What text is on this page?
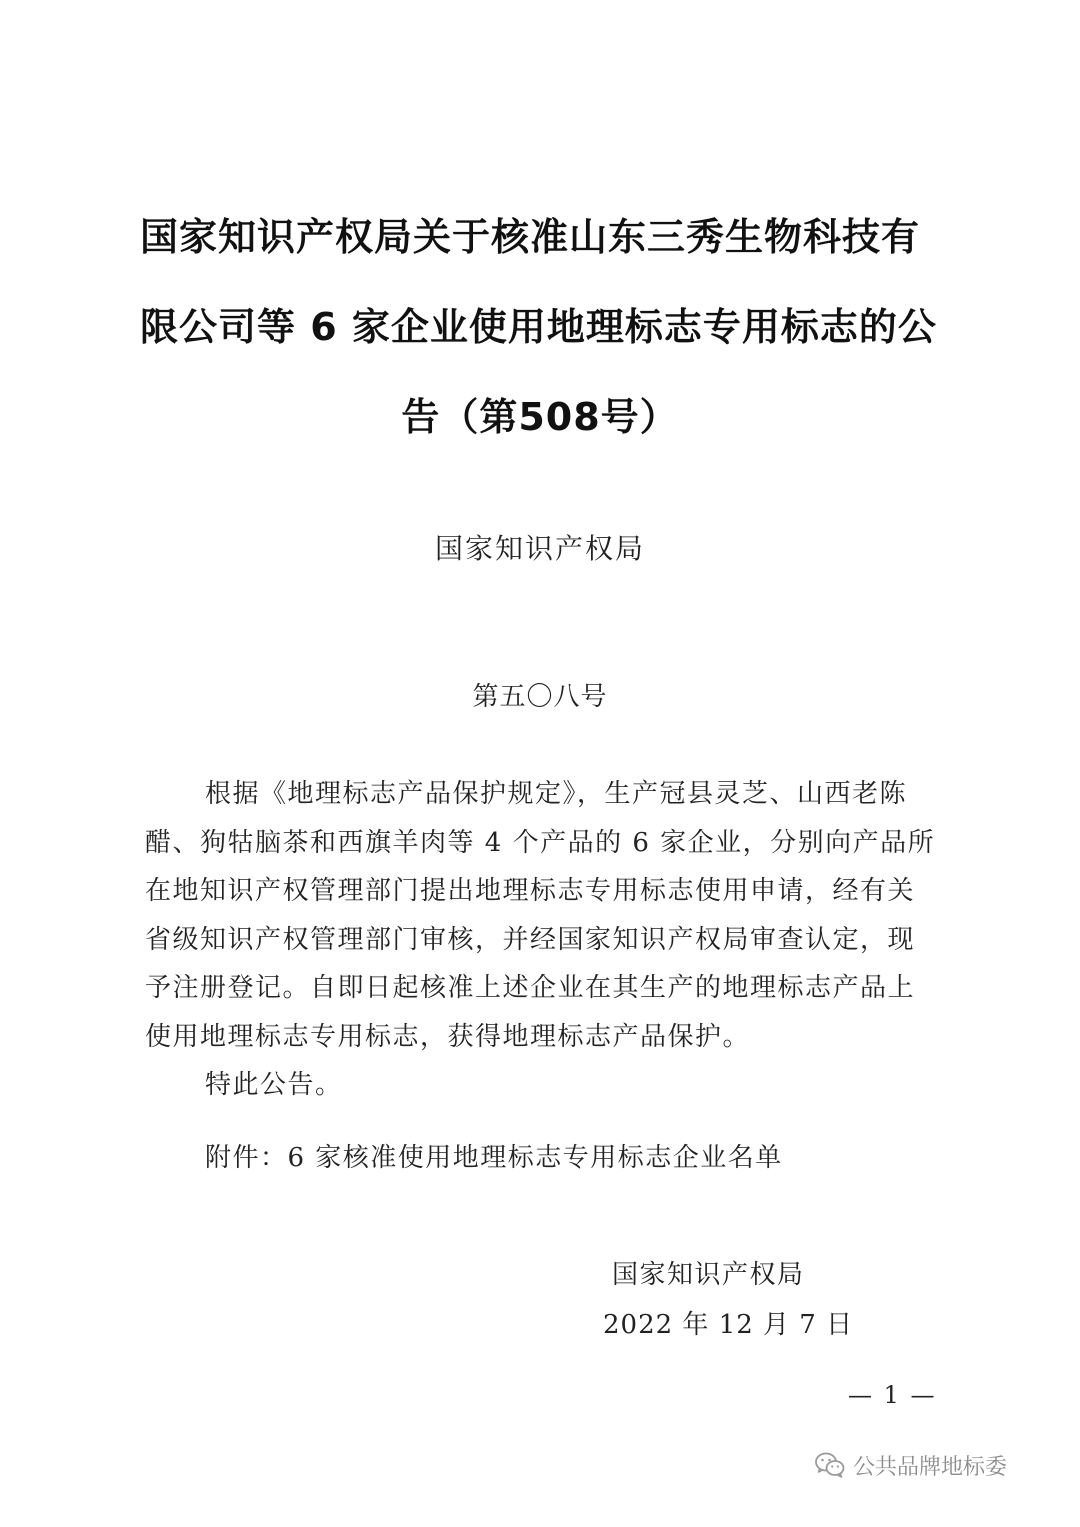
国家知识产权局关于核准山东三秀生物科技有
限公司等 6 家企业使用地理标志专用标志的公
告（第508号）
国家知识产权局
第五〇八号
根据《地理标志产品保护规定》，生产冠县灵芝、山西老陈
醋、狗牯脑茶和西旗羊肉等 4 个产品的 6 家企业，分别向产品所
在地知识产权管理部门提出地理标志专用标志使用申请，经有关
省级知识产权管理部门审核，并经国家知识产权局审查认定，现
予注册登记。自即日起核准上述企业在其生产的地理标志产品上
使用地理标志专用标志，获得地理标志产品保护。
特此公告。
附件：6 家核准使用地理标志专用标志企业名单
国家知识产权局
2022 年 12 月 7 日
— 1 —
公共品牌地标委
